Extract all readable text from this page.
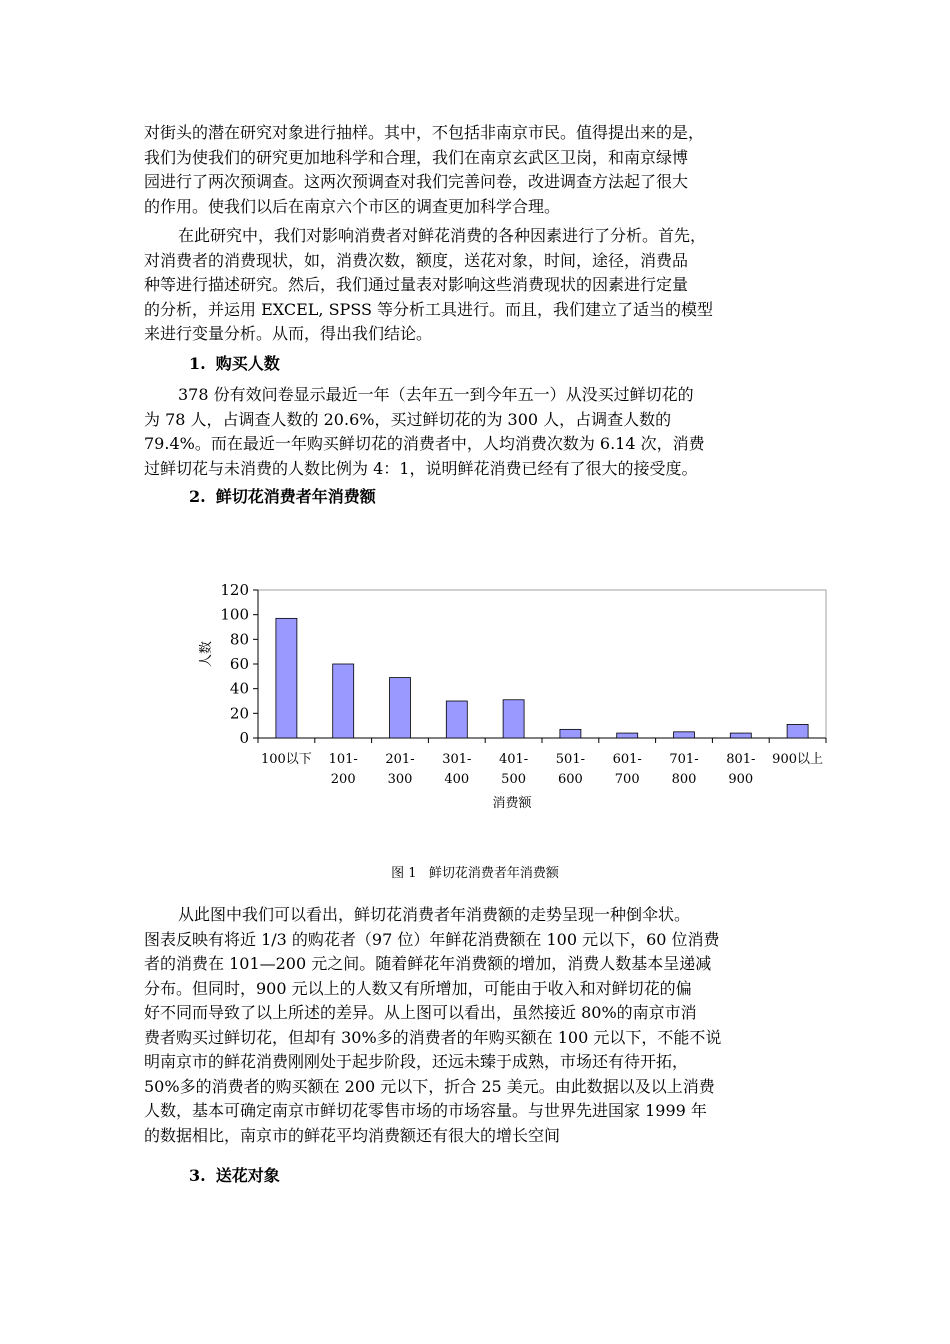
对街头的潜在研究对象进行抽样。其中，不包括非南京市民。值得提出来的是，
我们为使我们的研究更加地科学和合理，我们在南京玄武区卫岗，和南京绿博
园进行了两次预调查。这两次预调查对我们完善问卷，改进调查方法起了很大
的作用。使我们以后在南京六个市区的调查更加科学合理。
在此研究中，我们对影响消费者对鲜花消费的各种因素进行了分析。首先，
对消费者的消费现状，如，消费次数，额度，送花对象，时间，途径，消费品
种等进行描述研究。然后，我们通过量表对影响这些消费现状的因素进行定量
的分析，并运用 EXCEL, SPSS 等分析工具进行。而且，我们建立了适当的模型
来进行变量分析。从而，得出我们结论。
1. 购买人数
378 份有效问卷显示最近一年（去年五一到今年五一）从没买过鲜切花的
为 78 人，占调查人数的 20.6%，买过鲜切花的为 300 人，占调查人数的
79.4%。而在最近一年购买鲜切花的消费者中，人均消费次数为 6.14 次，消费
过鲜切花与未消费的人数比例为 4：1，说明鲜花消费已经有了很大的接受度。
2. 鲜切花消费者年消费额
0
20
40
60
80
100
120
100以下 101-
200
201-
300
301-
400
401-
500
501-
600
601-
700
701-
800
801-
900
900以上
消费额
人数
图 1   鲜切花消费者年消费额
从此图中我们可以看出，鲜切花消费者年消费额的走势呈现一种倒伞状。
图表反映有将近 1/3 的购花者（97 位）年鲜花消费额在 100 元以下，60 位消费
者的消费在 101—200 元之间。随着鲜花年消费额的增加，消费人数基本呈递减
分布。但同时，900 元以上的人数又有所增加，可能由于收入和对鲜切花的偏
好不同而导致了以上所述的差异。从上图可以看出，虽然接近 80%的南京市消
费者购买过鲜切花，但却有 30%多的消费者的年购买额在 100 元以下，不能不说
明南京市的鲜花消费刚刚处于起步阶段，还远未臻于成熟，市场还有待开拓，
50%多的消费者的购买额在 200 元以下，折合 25 美元。由此数据以及以上消费
人数，基本可确定南京市鲜切花零售市场的市场容量。与世界先进国家 1999 年
的数据相比，南京市的鲜花平均消费额还有很大的增长空间
3. 送花对象
